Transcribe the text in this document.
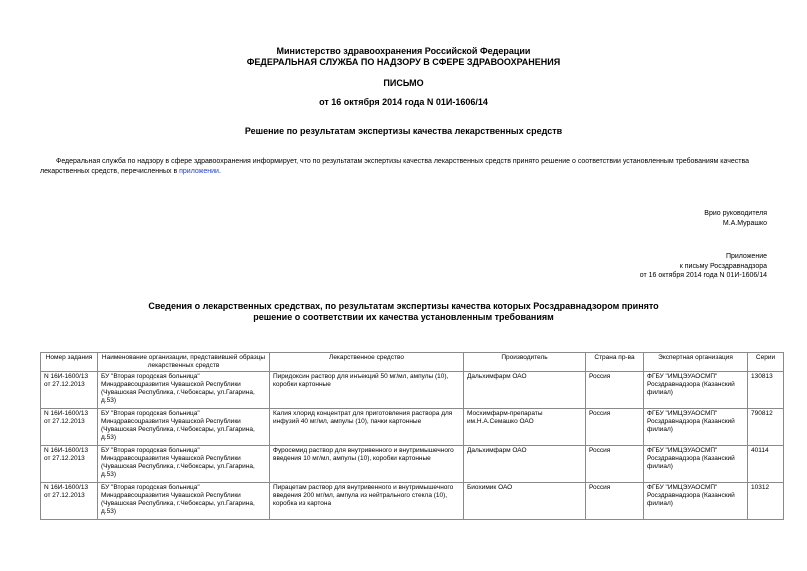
Министерство здравоохранения Российской Федерации
ФЕДЕРАЛЬНАЯ СЛУЖБА ПО НАДЗОРУ В СФЕРЕ ЗДРАВООХРАНЕНИЯ
ПИСЬМО
от 16 октября 2014 года N 01И-1606/14
Решение по результатам экспертизы качества лекарственных средств
Федеральная служба по надзору в сфере здравоохранения информирует, что по результатам экспертизы качества лекарственных средств принято решение о соответствии установленным требованиям качества лекарственных средств, перечисленных в приложении.
Врио руководителя
М.А.Мурашко
Приложение
к письму Росздравнадзора
от 16 октября 2014 года N 01И-1606/14
Сведения о лекарственных средствах, по результатам экспертизы качества которых Росздравнадзором принято решение о соответствии их качества установленным требованиям
Номер задания	Наименование организации, представившей образцы лекарственных средств	Лекарственное средство	Производитель	Страна пр-ва	Экспертная организация	Серии
N 16И-1600/13 от 27.12.2013	БУ "Вторая городская больница" Минздравсоцразвития Чувашской Республики (Чувашская Республика, г.Чебоксары, ул.Гагарина, д.53)	Пиридоксин раствор для инъекций 50 мг/мл, ампулы (10), коробки картонные	Дальхимфарм ОАО	Россия	ФГБУ "ИМЦЭУАОСМП" Росздравнадзора (Казанский филиал)	130813
N 16И-1600/13 от 27.12.2013	БУ "Вторая городская больница" Минздравсоцразвития Чувашской Республики (Чувашская Республика, г.Чебоксары, ул.Гагарина, д.53)	Калия хлорид концентрат для приготовления раствора для инфузий 40 мг/мл, ампулы (10), пачки картонные	Мосхимфарм-препараты им.Н.А.Семашко ОАО	Россия	ФГБУ "ИМЦЭУАОСМП" Росздравнадзора (Казанский филиал)	790812
N 16И-1600/13 от 27.12.2013	БУ "Вторая городская больница" Минздравсоцразвития Чувашской Республики (Чувашская Республика, г.Чебоксары, ул.Гагарина, д.53)	Фуросемид раствор для внутривенного и внутримышечного введения 10 мг/мл, ампулы (10), коробки картонные	Дальхимфарм ОАО	Россия	ФГБУ "ИМЦЭУАОСМП" Росздравнадзора (Казанский филиал)	40114
N 16И-1600/13 от 27.12.2013	БУ "Вторая городская больница" Минздравсоцразвития Чувашской Республики (Чувашская Республика, г.Чебоксары, ул.Гагарина, д.53)	Пирацетам раствор для внутривенного и внутримышечного введения 200 мг/мл, ампула из нейтрального стекла (10), коробка из картона	Биохимик ОАО	Россия	ФГБУ "ИМЦЭУАОСМП" Росздравнадзора (Казанский филиал)	10312
